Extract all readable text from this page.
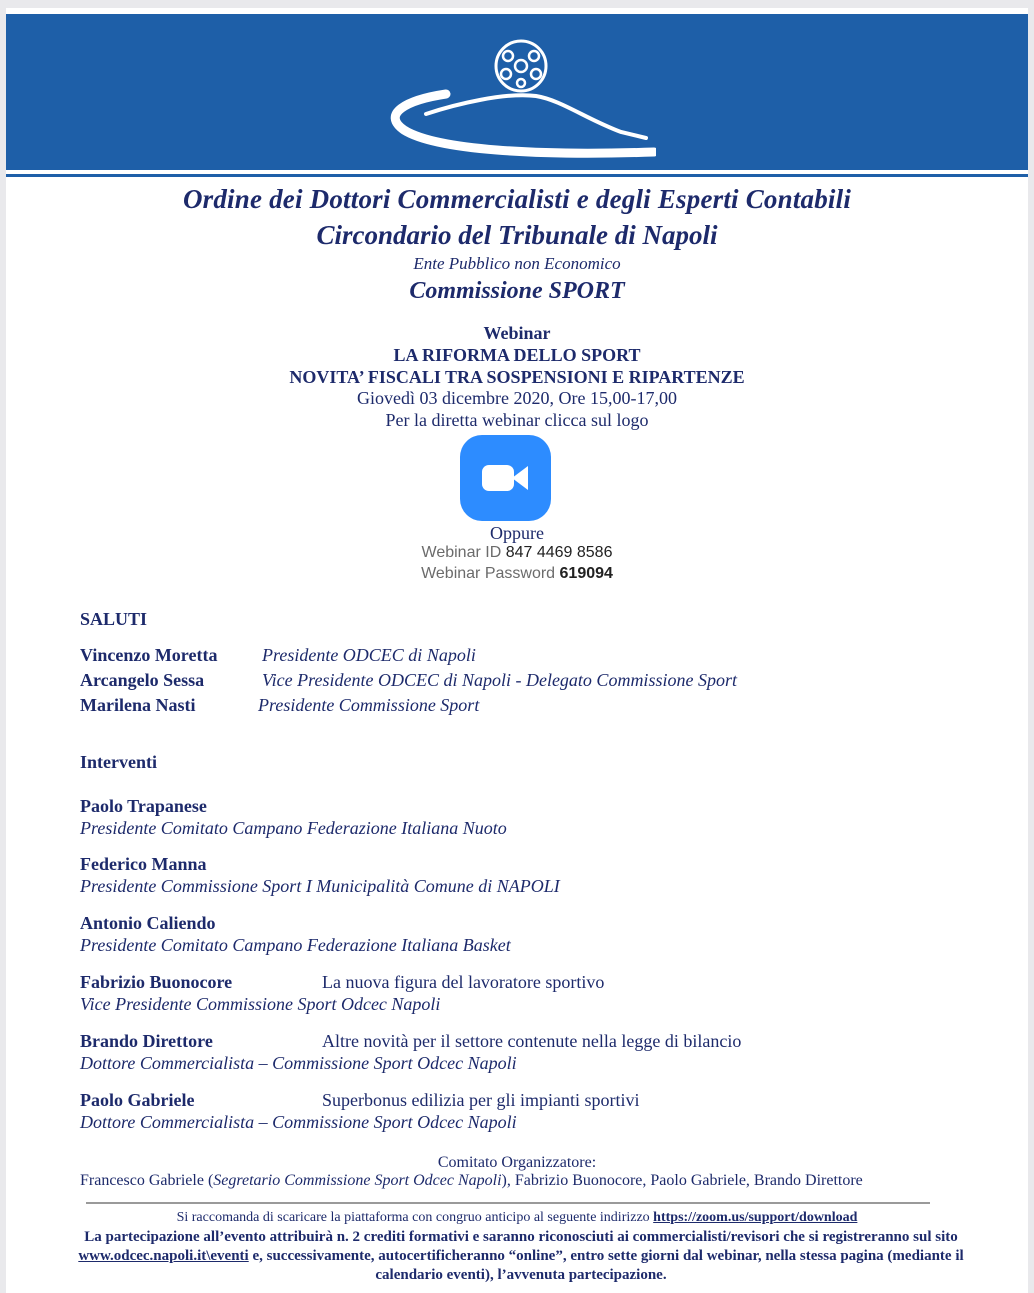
Ordine dei Dottori Commercialisti e degli Esperti Contabili
Circondario del Tribunale di Napoli
Ente Pubblico non Economico
Commissione SPORT
Webinar
LA RIFORMA DELLO SPORT
NOVITA’ FISCALI TRA SOSPENSIONI E RIPARTENZE
Giovedì 03 dicembre 2020, Ore 15,00-17,00
Per la diretta webinar clicca sul logo
Oppure
Webinar ID 847 4469 8586
Webinar Password 619094
SALUTI
Vincenzo Moretta Presidente ODCEC di Napoli
Arcangelo Sessa	Vice Presidente ODCEC di Napoli - Delegato Commissione Sport
Marilena Nasti	Presidente Commissione Sport
Interventi
Paolo Trapanese
Presidente Comitato Campano Federazione Italiana Nuoto
Federico Manna
Presidente Commissione Sport I Municipalità Comune di NAPOLI
Antonio Caliendo
Presidente Comitato Campano Federazione Italiana Basket
Fabrizio Buonocore	La nuova figura del lavoratore sportivo
Vice Presidente Commissione Sport Odcec Napoli
Brando Direttore	Altre novità per il settore contenute nella legge di bilancio
Dottore Commercialista – Commissione Sport Odcec Napoli
Paolo Gabriele	Superbonus edilizia per gli impianti sportivi
Dottore Commercialista – Commissione Sport Odcec Napoli
Comitato Organizzatore:
Francesco Gabriele (Segretario Commissione Sport Odcec Napoli), Fabrizio Buonocore, Paolo Gabriele, Brando Direttore
Si raccomanda di scaricare la piattaforma con congruo anticipo al seguente indirizzo https://zoom.us/support/download
La partecipazione all’evento attribuirà n. 2 crediti formativi e saranno riconosciuti ai commercialisti/revisori che si registreranno sul sito www.odcec.napoli.it\eventi e, successivamente, autocertificheranno “online”, entro sette giorni dal webinar, nella stessa pagina (mediante il calendario eventi), l’avvenuta partecipazione.
